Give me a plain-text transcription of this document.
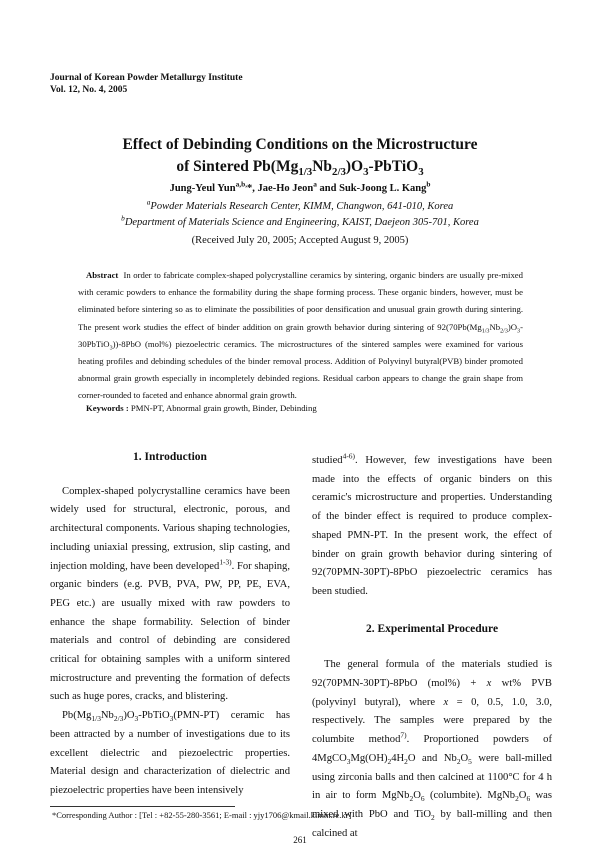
Journal of Korean Powder Metallurgy Institute
Vol. 12, No. 4, 2005
Effect of Debinding Conditions on the Microstructure
of Sintered $Pb(Mg_{1/3}Nb_{2/3})O_3-PbTiO_3$
Jung-Yeul Yun$^{a,b,}$*, Jae-Ho Jeon$^a$ and Suk-Joong L. Kang$^b$
$^a$Powder Materials Research Center, KIMM, Changwon, 641-010, Korea
$^b$Department of Materials Science and Engineering, KAIST, Daejeon 305-701, Korea
(Received July 20, 2005; Accepted August 9, 2005)
Abstract In order to fabricate complex-shaped polycrystalline ceramics by sintering, organic binders are usually pre-mixed with ceramic powders to enhance the formability during the shape forming process. These organic binders, however, must be eliminated before sintering so as to eliminate the possibilities of poor densification and unusual grain growth during sintering. The present work studies the effect of binder addition on grain growth behavior during sintering of $92(70Pb(Mg_{1/3}Nb_{2/3})O_3-30PbTiO_3))-8PbO$ (mol%) piezoelectric ceramics. The microstructures of the sintered samples were examined for various heating profiles and debinding schedules of the binder removal process. Addition of Polyvinyl butyral(PVB) binder promoted abnormal grain growth especially in incompletely debinded regions. Residual carbon appears to change the grain shape from corner-rounded to faceted and enhance abnormal grain growth.
Keywords : PMN-PT, Abnormal grain growth, Binder, Debinding
1. Introduction

Complex-shaped polycrystalline ceramics have been widely used for structural, electronic, porous, and architectural components. Various shaping technologies, including uniaxial pressing, extrusion, slip casting, and injection molding, have been developed$^{1-3)}$. For shaping, organic binders (e.g. PVB, PVA, PW, PP, PE, EVA, PEG etc.) are usually mixed with raw powders to enhance the shape formability. Selection of binder materials and control of debinding are considered critical for obtaining samples with a uniform sintered microstructure and preventing the formation of defects such as huge pores, cracks, and blistering.

$Pb(Mg_{1/3}Nb_{2/3})O_3-PbTiO_3(PMN-PT)$ ceramic has been attracted by a number of investigations due to its excellent dielectric and piezoelectric properties. Material design and characterization of dielectric and piezoelectric properties have been intensively

studied$^{4-6)}$. However, few investigations have been made into the effects of organic binders on this ceramic's microstructure and properties. Understanding of the binder effect is required to produce complex-shaped PMN-PT. In the present work, the effect of binder on grain growth behavior during sintering of 92(70PMN-30PT)-8PbO piezoelectric ceramics has been studied.

2. Experimental Procedure

The general formula of the materials studied is 92(70PMN-30PT)-8PbO (mol%) + x wt% PVB (polyvinyl butyral), where x = 0, 0.5, 1.0, 3.0, respectively. The samples were prepared by the columbite method$^{7)}$. Proportioned powders of $4MgCO_3Mg(OH)_24H_2O$ and $Nb_2O_5$ were ball-milled using zirconia balls and then calcined at 1100°C for 4 h in air to form $MgNb_2O_6$ (columbite). $MgNb_2O_6$ was mixed with PbO and TiO$_2$ by ball-milling and then calcined at

*Corresponding Author : [Tel : +82-55-280-3561; E-mail : yjy1706@kmail.kimm.re.kr]
261
